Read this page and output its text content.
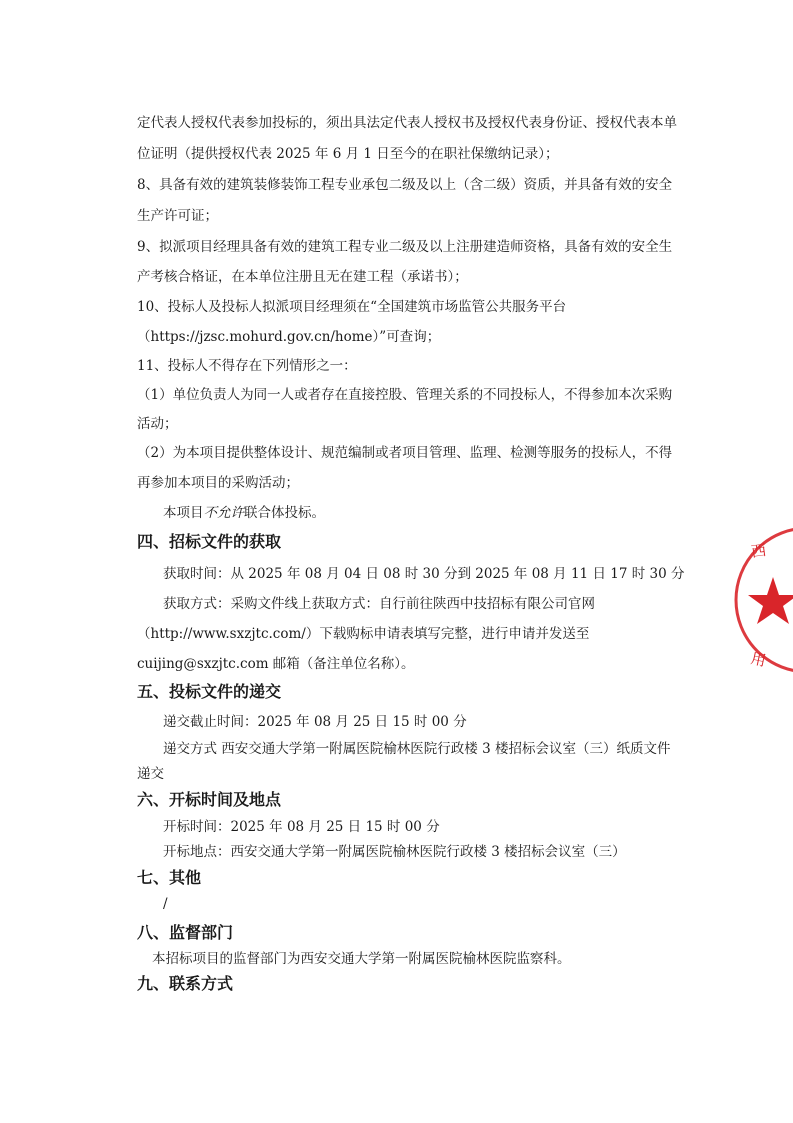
定代表人授权代表参加投标的，须出具法定代表人授权书及授权代表身份证、授权代表本单
位证明（提供授权代表 2025 年 6 月 1 日至今的在职社保缴纳记录）；
8、具备有效的建筑装修装饰工程专业承包二级及以上（含二级）资质，并具备有效的安全
生产许可证；
9、拟派项目经理具备有效的建筑工程专业二级及以上注册建造师资格，具备有效的安全生
产考核合格证，在本单位注册且无在建工程（承诺书）；
10、投标人及投标人拟派项目经理须在“全国建筑市场监管公共服务平台
（https://jzsc.mohurd.gov.cn/home）”可查询；
11、投标人不得存在下列情形之一：
（1）单位负责人为同一人或者存在直接控股、管理关系的不同投标人，不得参加本次采购
活动；
（2）为本项目提供整体设计、规范编制或者项目管理、监理、检测等服务的投标人，不得
再参加本项目的采购活动；
本项目不允许联合体投标。
四、招标文件的获取
获取时间：从 2025 年 08 月 04 日 08 时 30 分到 2025 年 08 月 11 日 17 时 30 分
获取方式：采购文件线上获取方式：自行前往陕西中技招标有限公司官网
（http://www.sxzjtc.com/）下载购标申请表填写完整，进行申请并发送至
cuijing@sxzjtc.com 邮箱（备注单位名称）。
五、投标文件的递交
递交截止时间：2025 年 08 月 25 日 15 时 00 分
递交方式 西安交通大学第一附属医院榆林医院行政楼 3 楼招标会议室（三）纸质文件
递交
六、开标时间及地点
开标时间：2025 年 08 月 25 日 15 时 00 分
开标地点：西安交通大学第一附属医院榆林医院行政楼 3 楼招标会议室（三）
七、其他
/
八、监督部门
本招标项目的监督部门为西安交通大学第一附属医院榆林医院监察科。
九、联系方式
西
用
